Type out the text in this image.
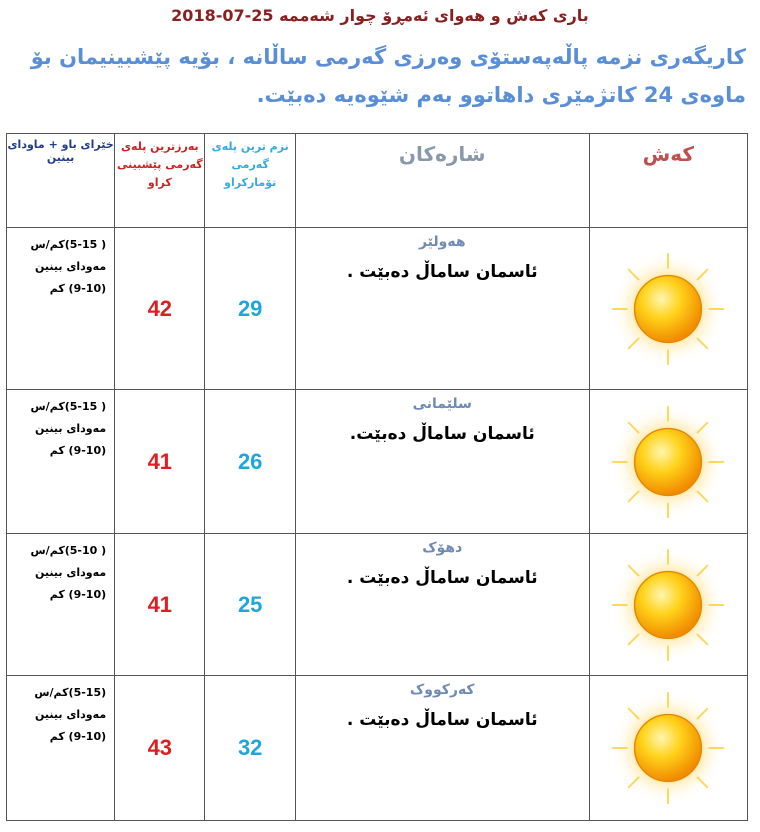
باری کەش و هەوای ئەمڕۆ چوار شەممە 25-07-2018
کاریگەری نزمە پاڵەپەستۆی وەرزی گەرمی ساڵانە ، بۆیە پێشبینیمان بۆ ماوەی 24 کاتژمێری داهاتوو بەم شێوەیە دەبێت.
کەش	شارەکان	نزم ترین پلەی گەرمی تۆمارکراو	بەرزترین پلەی گەرمی پێشبینی کراو	خێرای باو + ماودای بینین

هەولێر
ئاسمان ساماڵ دەبێت .	29	42	( 5-15)کم/س
مەودای بینین
(9-10) کم

سلێمانی
ئاسمان ساماڵ دەبێت.	26	41	( 5-15)کم/س
مەودای بینین
(9-10) کم

دهۆک
ئاسمان ساماڵ دەبێت .	25	41	( 5-10)کم/س
مەودای بینین
(9-10) کم

کەرکووک
ئاسمان ساماڵ دەبێت .	32	43	(5-15)کم/س
مەودای بینین
(9-10) کم
